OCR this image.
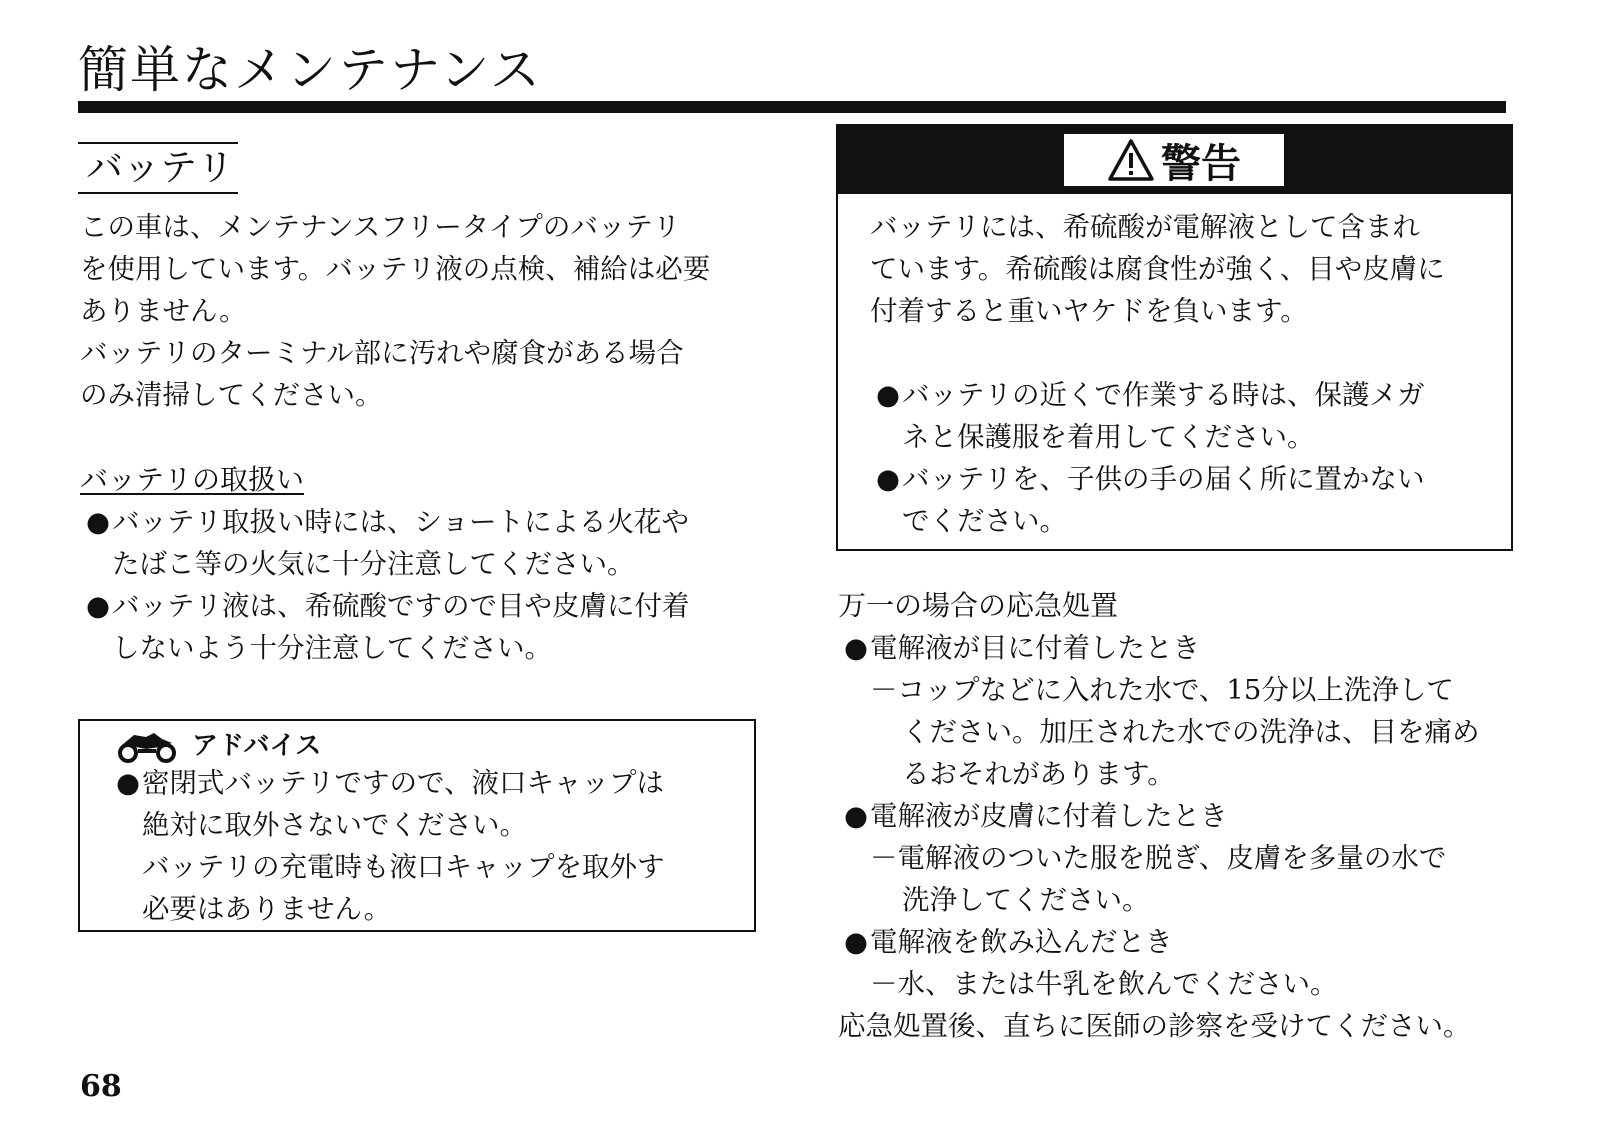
簡単なメンテナンス
バッテリ

この車は、メンテナンスフリータイプのバッテリ

を使用しています。バッテリ液の点検、補給は必要

ありません。

バッテリのターミナル部に汚れや腐食がある場合

のみ清掃してください。

バッテリの取扱い
● バッテリ取扱い時には、ショートによる火花や

たばこ等の火気に十分注意してください。

● バッテリ液は、希硫酸ですので目や皮膚に付着

しないよう十分注意してください。

アドバイス
● 密閉式バッテリですので、液口キャップは

絶対に取外さないでください。

バッテリの充電時も液口キャップを取外す

必要はありません。

警告

バッテリには、希硫酸が電解液として含まれ

ています。希硫酸は腐食性が強く、目や皮膚に

付着すると重いヤケドを負います。

● バッテリの近くで作業する時は、保護メガ

ネと保護服を着用してください。

● バッテリを、子供の手の届く所に置かない

でください。

万一の場合の応急処置
● 電解液が目に付着したとき

－コップなどに入れた水で、15分以上洗浄して

ください。加圧された水での洗浄は、目を痛め

るおそれがあります。

● 電解液が皮膚に付着したとき

－電解液のついた服を脱ぎ、皮膚を多量の水で

洗浄してください。

● 電解液を飲み込んだとき

－水、または牛乳を飲んでください。

応急処置後、直ちに医師の診察を受けてください。
68
